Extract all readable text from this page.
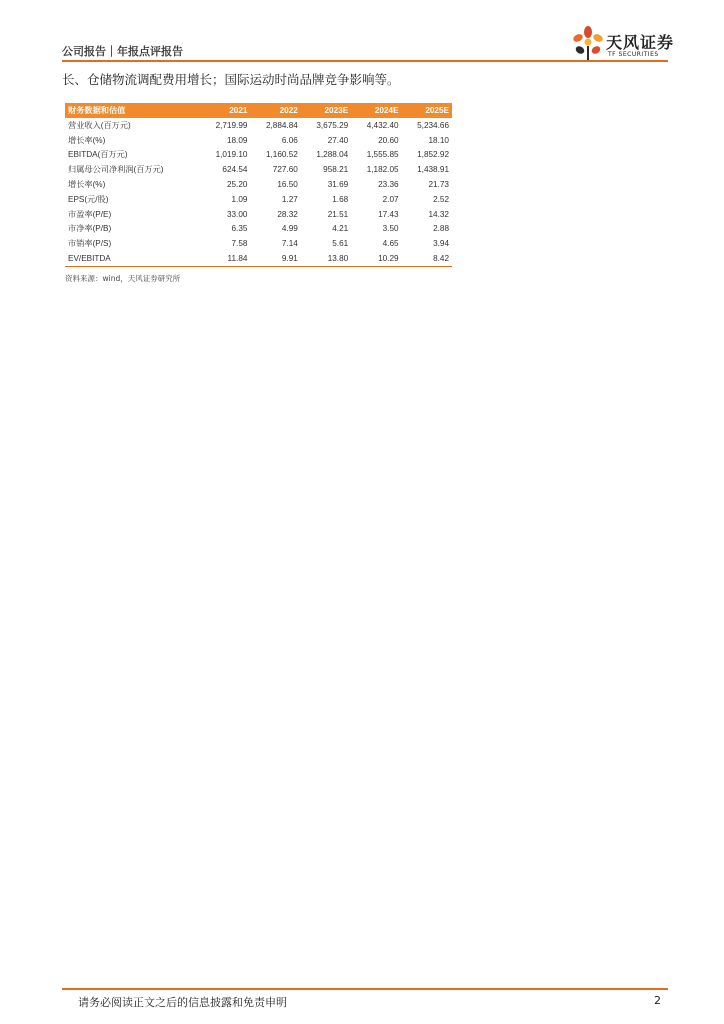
公司报告｜年报点评报告	天风证券
TF SECURITIES
长、仓储物流调配费用增长；国际运动时尚品牌竞争影响等。
财务数据和估值	2021	2022	2023E	2024E	2025E
营业收入(百万元)	2,719.99	2,884.84	3,675.29	4,432.40	5,234.66
增长率(%)	18.09	6.06	27.40	20.60	18.10
EBITDA(百万元)	1,019.10	1,160.52	1,288.04	1,555.85	1,852.92
归属母公司净利润(百万元)	624.54	727.60	958.21	1,182.05	1,438.91
增长率(%)	25.20	16.50	31.69	23.36	21.73
EPS(元/股)	1.09	1.27	1.68	2.07	2.52
市盈率(P/E)	33.00	28.32	21.51	17.43	14.32
市净率(P/B)	6.35	4.99	4.21	3.50	2.88
市销率(P/S)	7.58	7.14	5.61	4.65	3.94
EV/EBITDA	11.84	9.91	13.80	10.29	8.42
资料来源：wind，天风证券研究所
请务必阅读正文之后的信息披露和免责申明	2
